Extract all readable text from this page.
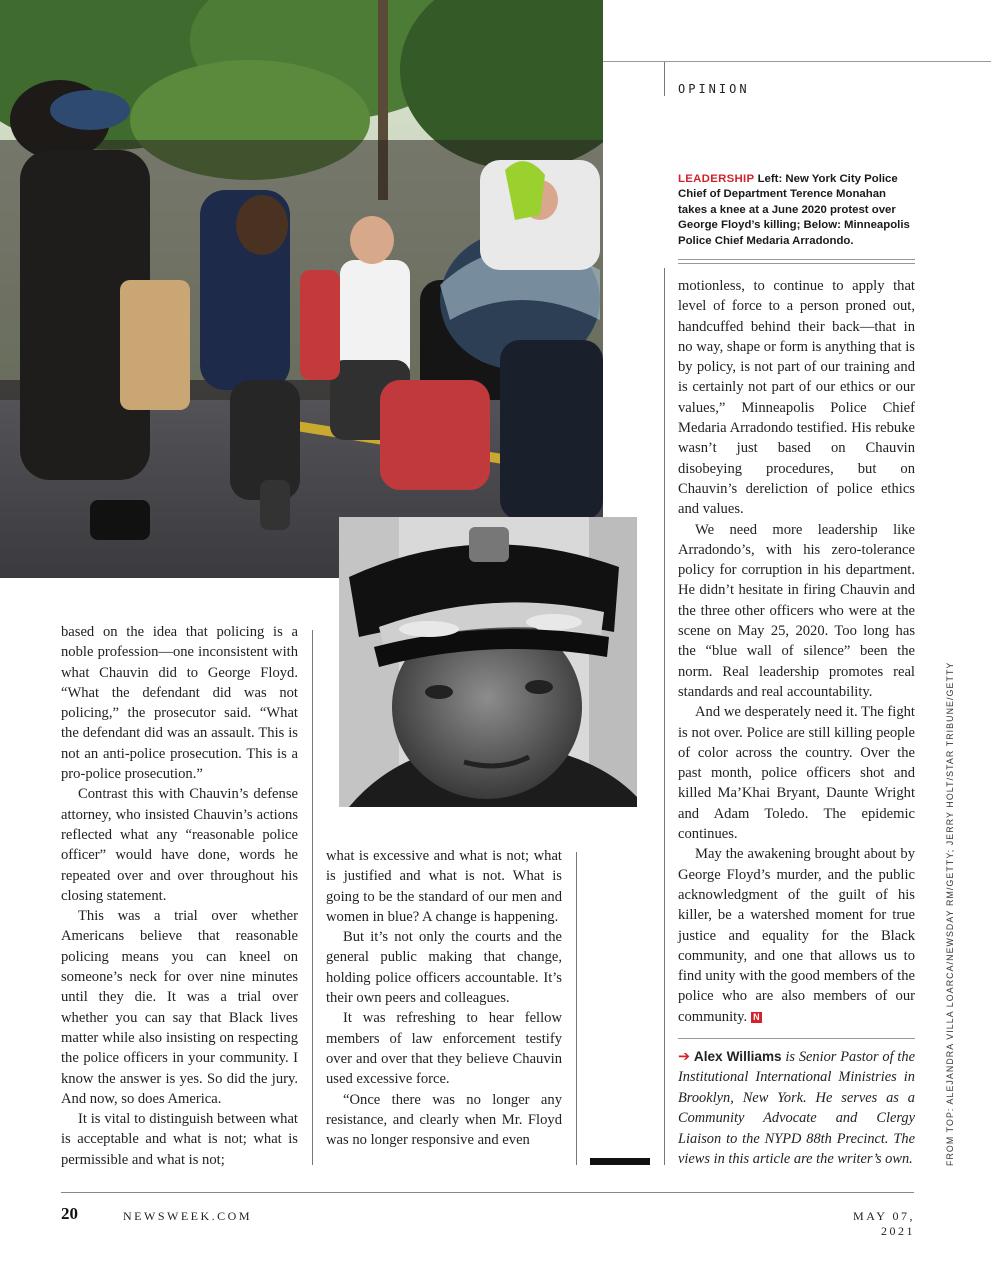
OPINION
LEADERSHIP Left: New York City Police Chief of Department Terence Monahan takes a knee at a June 2020 protest over George Floyd’s killing; Below: Minneapolis Police Chief Medaria Arradondo.

based on the idea that policing is a noble profession—one inconsistent with what Chauvin did to George Floyd. “What the defendant did was not policing,” the prosecutor said. “What the defendant did was an assault. This is not an anti-police prosecution. This is a pro-police prosecution.”

Contrast this with Chauvin’s defense attorney, who insisted Chauvin’s actions reflected what any “reasonable police officer” would have done, words he repeated over and over throughout his closing statement.

This was a trial over whether Americans believe that reasonable policing means you can kneel on someone’s neck for over nine minutes until they die. It was a trial over whether you can say that Black lives matter while also insisting on respecting the police officers in your community. I know the answer is yes. So did the jury. And now, so does America.

It is vital to distinguish between what is acceptable and what is not; what is permissible and what is not;

what is excessive and what is not; what is justified and what is not. What is going to be the standard of our men and women in blue? A change is happening.

But it’s not only the courts and the general public making that change, holding police officers accountable. It’s their own peers and colleagues.

It was refreshing to hear fellow members of law enforcement testify over and over that they believe Chauvin used excessive force.

“Once there was no longer any resistance, and clearly when Mr. Floyd was no longer responsive and even

motionless, to continue to apply that level of force to a person proned out, handcuffed behind their back—that in no way, shape or form is anything that is by policy, is not part of our training and is certainly not part of our ethics or our values,” Minneapolis Police Chief Medaria Arradondo testified. His rebuke wasn’t just based on Chauvin disobeying procedures, but on Chauvin’s dereliction of police ethics and values.

We need more leadership like Arradondo’s, with his zero-tolerance policy for corruption in his department. He didn’t hesitate in firing Chauvin and the three other officers who were at the scene on May 25, 2020. Too long has the “blue wall of silence” been the norm. Real leadership promotes real standards and real accountability.

And we desperately need it. The fight is not over. Police are still killing people of color across the country. Over the past month, police officers shot and killed Ma’Khai Bryant, Daunte Wright and Adam Toledo. The epidemic continues.

May the awakening brought about by George Floyd’s murder, and the public acknowledgment of the guilt of his killer, be a watershed moment for true justice and equality for the Black community, and one that allows us to find unity with the good members of the police who are also members of our community. N

➔ Alex Williams is Senior Pastor of the Institutional International Ministries in Brooklyn, New York. He serves as a Community Advocate and Clergy Liaison to the NYPD 88th Precinct. The views in this article are the writer’s own.	FROM TOP: ALEJANDRA VILLA LOARCA/NEWSDAY RM/GETTY; JERRY HOLT/STAR TRIBUNE/GETTY
20	NEWSWEEK.COM	MAY 07, 2021
